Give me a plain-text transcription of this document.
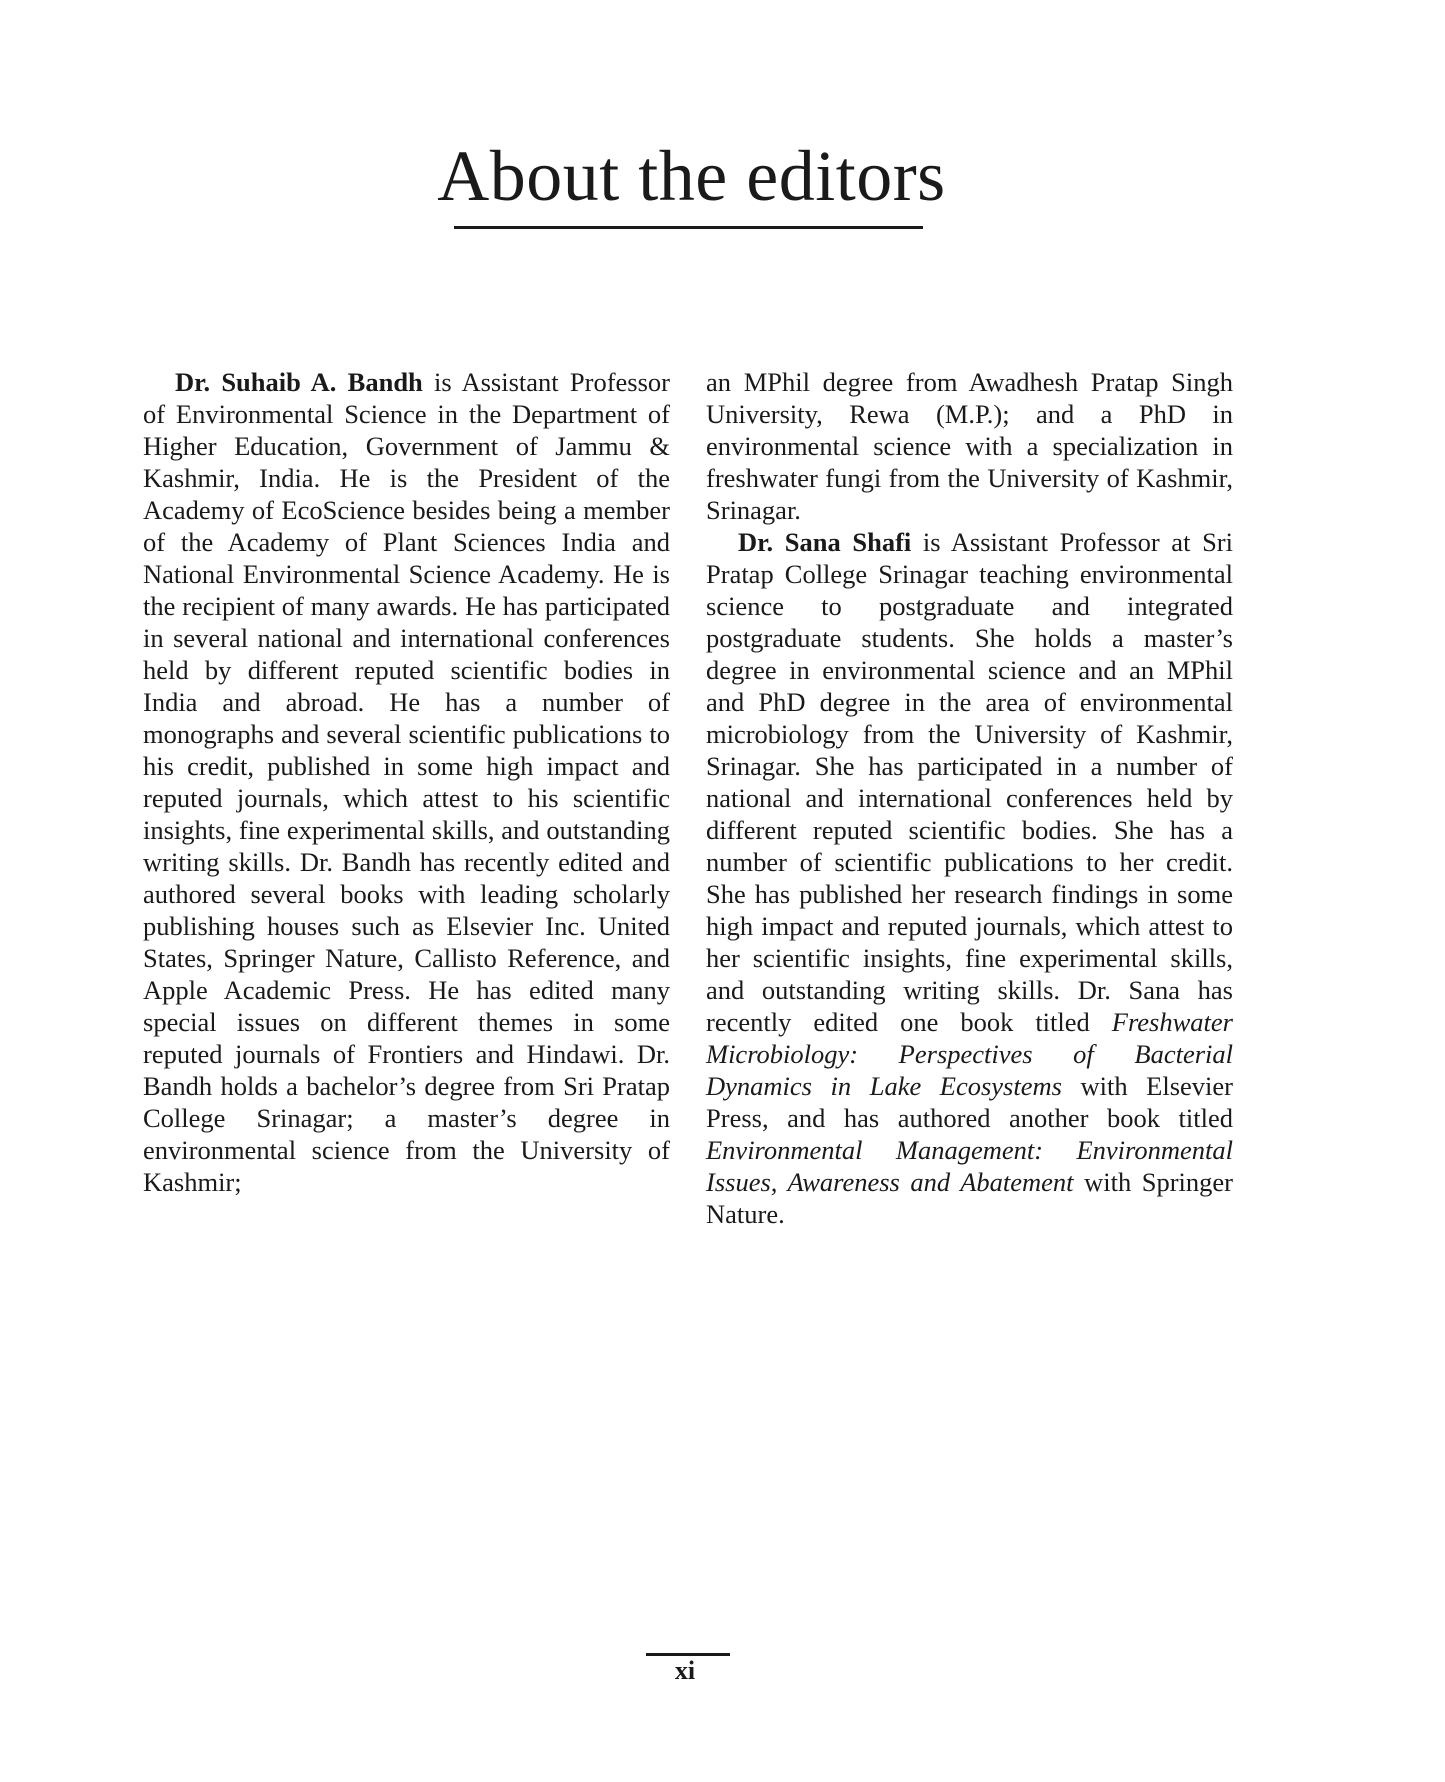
About the editors

Dr. Suhaib A. Bandh is Assistant Professor of Environmental Science in the Department of Higher Education, Government of Jammu & Kashmir, India. He is the President of the Academy of EcoScience besides being a member of the Academy of Plant Sciences India and National Environmental Science Academy. He is the recipient of many awards. He has participated in several national and international conferences held by different reputed scientific bodies in India and abroad. He has a number of monographs and several scientific publications to his credit, published in some high impact and reputed journals, which attest to his scientific insights, fine experimental skills, and outstanding writing skills. Dr. Bandh has recently edited and authored several books with leading scholarly publishing houses such as Elsevier Inc. United States, Springer Nature, Callisto Reference, and Apple Academic Press. He has edited many special issues on different themes in some reputed journals of Frontiers and Hindawi. Dr. Bandh holds a bachelor’s degree from Sri Pratap College Srinagar; a master’s degree in environmental science from the University of Kashmir;

an MPhil degree from Awadhesh Pratap Singh University, Rewa (M.P.); and a PhD in environmental science with a specialization in freshwater fungi from the University of Kashmir, Srinagar.

Dr. Sana Shafi is Assistant Professor at Sri Pratap College Srinagar teaching environmental science to postgraduate and integrated postgraduate students. She holds a master’s degree in environmental science and an MPhil and PhD degree in the area of environmental microbiology from the University of Kashmir, Srinagar. She has participated in a number of national and international conferences held by different reputed scientific bodies. She has a number of scientific publications to her credit. She has published her research findings in some high impact and reputed journals, which attest to her scientific insights, fine experimental skills, and outstanding writing skills. Dr. Sana has recently edited one book titled Freshwater Microbiology: Perspectives of Bacterial Dynamics in Lake Ecosystems with Elsevier Press, and has authored another book titled Environmental Management: Environmental Issues, Awareness and Abatement with Springer Nature.

xi
